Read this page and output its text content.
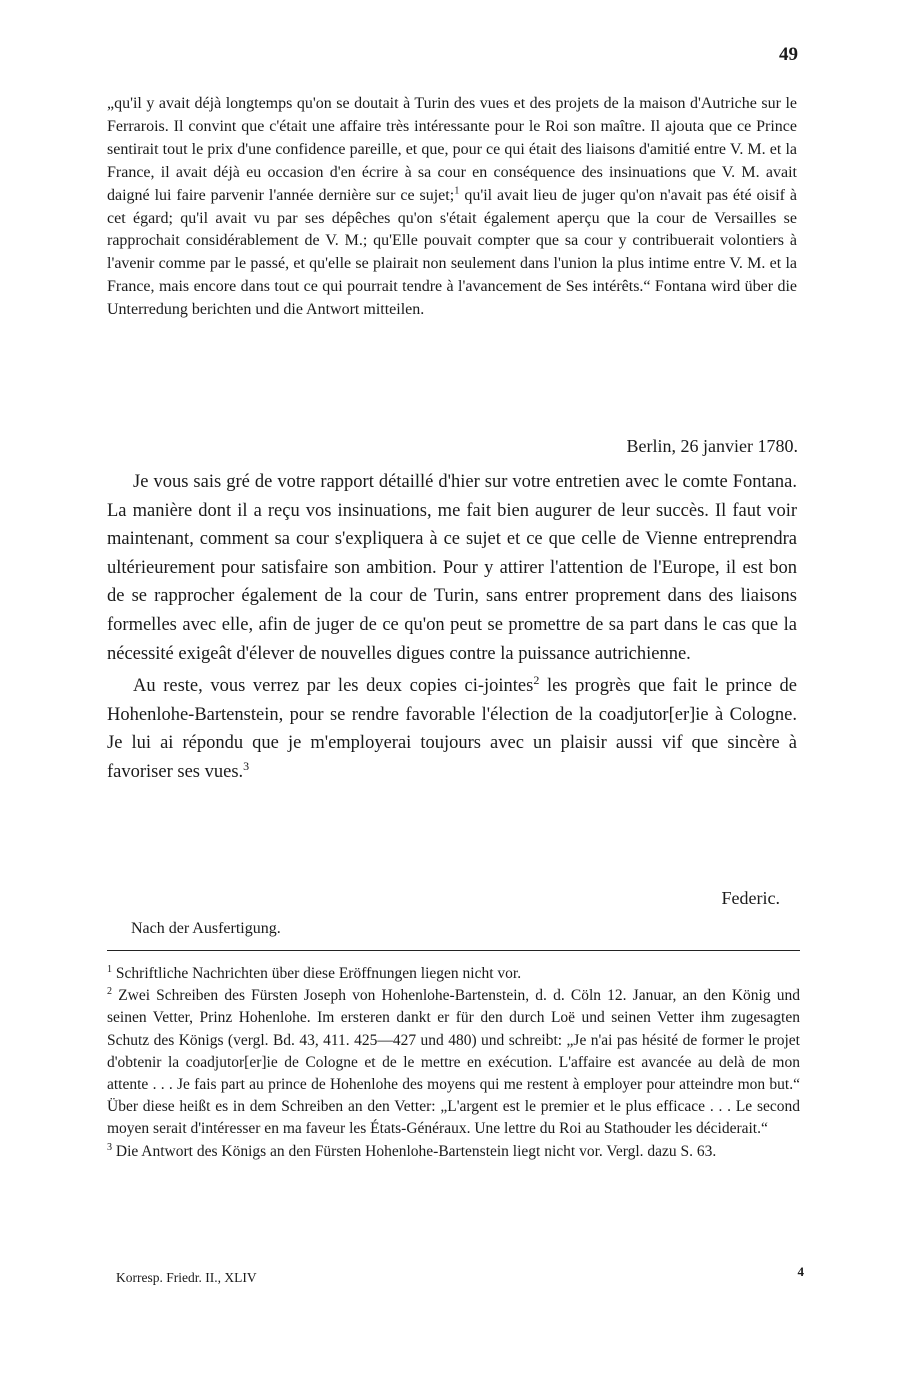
49
„qu'il y avait déjà longtemps qu'on se doutait à Turin des vues et des projets de la maison d'Autriche sur le Ferrarois. Il convint que c'était une affaire très intéressante pour le Roi son maître. Il ajouta que ce Prince sentirait tout le prix d'une confidence pareille, et que, pour ce qui était des liaisons d'amitié entre V. M. et la France, il avait déjà eu occasion d'en écrire à sa cour en conséquence des insinuations que V. M. avait daigné lui faire parvenir l'année dernière sur ce sujet;$^1$ qu'il avait lieu de juger qu'on n'avait pas été oisif à cet égard; qu'il avait vu par ses dépêches qu'on s'était également aperçu que la cour de Versailles se rapprochait considérablement de V. M.; qu'Elle pouvait compter que sa cour y contribuerait volontiers à l'avenir comme par le passé, et qu'elle se plairait non seulement dans l'union la plus intime entre V. M. et la France, mais encore dans tout ce qui pourrait tendre à l'avancement de Ses intérêts.“ Fontana wird über die Unterredung berichten und die Antwort mitteilen.
Berlin, 26 janvier 1780.

Je vous sais gré de votre rapport détaillé d'hier sur votre entretien avec le comte Fontana. La manière dont il a reçu vos insinuations, me fait bien augurer de leur succès. Il faut voir maintenant, comment sa cour s'expliquera à ce sujet et ce que celle de Vienne entreprendra ultérieurement pour satisfaire son ambition. Pour y attirer l'attention de l'Europe, il est bon de se rapprocher également de la cour de Turin, sans entrer proprement dans des liaisons formelles avec elle, afin de juger de ce qu'on peut se promettre de sa part dans le cas que la nécessité exigeât d'élever de nouvelles digues contre la puissance autrichienne.

Au reste, vous verrez par les deux copies ci-jointes$^2$ les progrès que fait le prince de Hohenlohe-Bartenstein, pour se rendre favorable l'élection de la coadjutor[er]ie à Cologne. Je lui ai répondu que je m'employerai toujours avec un plaisir aussi vif que sincère à favoriser ses vues.$^3$

Federic.
Nach der Ausfertigung.

$^1$ Schriftliche Nachrichten über diese Eröffnungen liegen nicht vor.

$^2$ Zwei Schreiben des Fürsten Joseph von Hohenlohe-Bartenstein, d. d. Cöln 12. Januar, an den König und seinen Vetter, Prinz Hohenlohe. Im ersteren dankt er für den durch Loë und seinen Vetter ihm zugesagten Schutz des Königs (vergl. Bd. 43, 411. 425—427 und 480) und schreibt: „Je n'ai pas hésité de former le projet d'obtenir la coadjutor[er]ie de Cologne et de le mettre en exécution. L'affaire est avancée au delà de mon attente . . . Je fais part au prince de Hohenlohe des moyens qui me restent à employer pour atteindre mon but.“ Über diese heißt es in dem Schreiben an den Vetter: „L'argent est le premier et le plus efficace . . . Le second moyen serait d'intéresser en ma faveur les États-Généraux. Une lettre du Roi au Stathouder les déciderait.“

$^3$ Die Antwort des Königs an den Fürsten Hohenlohe-Bartenstein liegt nicht vor. Vergl. dazu S. 63.

Korresp. Friedr. II., XLIV	4
